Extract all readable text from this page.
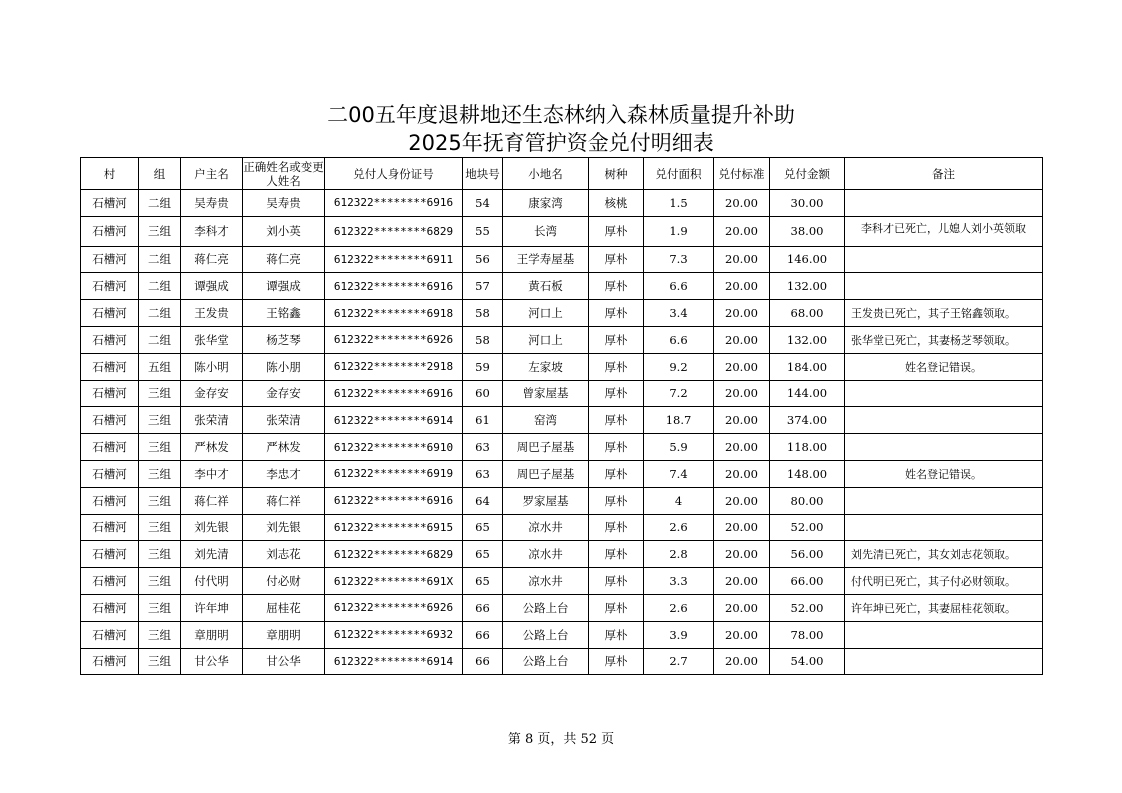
二00五年度退耕地还生态林纳入森林质量提升补助
2025年抚育管护资金兑付明细表
村	组	户主名	正确姓名或变更人姓名	兑付人身份证号	地块号	小地名	树种	兑付面积	兑付标准	兑付金额	备注
石槽河	二组	吴寿贵	吴寿贵	612322********6916	54	康家湾	核桃	1.5	20.00	30.00	
石槽河	三组	李科才	刘小英	612322********6829	55	长湾	厚朴	1.9	20.00	38.00	李科才已死亡，儿媳人刘小英领取
石槽河	二组	蒋仁亮	蒋仁亮	612322********6911	56	王学寿屋基	厚朴	7.3	20.00	146.00	
石槽河	二组	谭强成	谭强成	612322********6916	57	黄石板	厚朴	6.6	20.00	132.00	
石槽河	二组	王发贵	王铭鑫	612322********6918	58	河口上	厚朴	3.4	20.00	68.00	王发贵已死亡，其子王铭鑫领取。
石槽河	二组	张华堂	杨芝琴	612322********6926	58	河口上	厚朴	6.6	20.00	132.00	张华堂已死亡，其妻杨芝琴领取。
石槽河	五组	陈小明	陈小朋	612322********2918	59	左家坡	厚朴	9.2	20.00	184.00	姓名登记错误。
石槽河	三组	金存安	金存安	612322********6916	60	曾家屋基	厚朴	7.2	20.00	144.00	
石槽河	三组	张荣清	张荣清	612322********6914	61	窑湾	厚朴	18.7	20.00	374.00	
石槽河	三组	严林发	严林发	612322********6910	63	周巴子屋基	厚朴	5.9	20.00	118.00	
石槽河	三组	李中才	李忠才	612322********6919	63	周巴子屋基	厚朴	7.4	20.00	148.00	姓名登记错误。
石槽河	三组	蒋仁祥	蒋仁祥	612322********6916	64	罗家屋基	厚朴	4	20.00	80.00	
石槽河	三组	刘先银	刘先银	612322********6915	65	凉水井	厚朴	2.6	20.00	52.00	
石槽河	三组	刘先清	刘志花	612322********6829	65	凉水井	厚朴	2.8	20.00	56.00	刘先清已死亡，其女刘志花领取。
石槽河	三组	付代明	付必财	612322********691X	65	凉水井	厚朴	3.3	20.00	66.00	付代明已死亡，其子付必财领取。
石槽河	三组	许年坤	屈桂花	612322********6926	66	公路上台	厚朴	2.6	20.00	52.00	许年坤已死亡，其妻屈桂花领取。
石槽河	三组	章朋明	章朋明	612322********6932	66	公路上台	厚朴	3.9	20.00	78.00	
石槽河	三组	甘公华	甘公华	612322********6914	66	公路上台	厚朴	2.7	20.00	54.00	
第 8 页，共 52 页
